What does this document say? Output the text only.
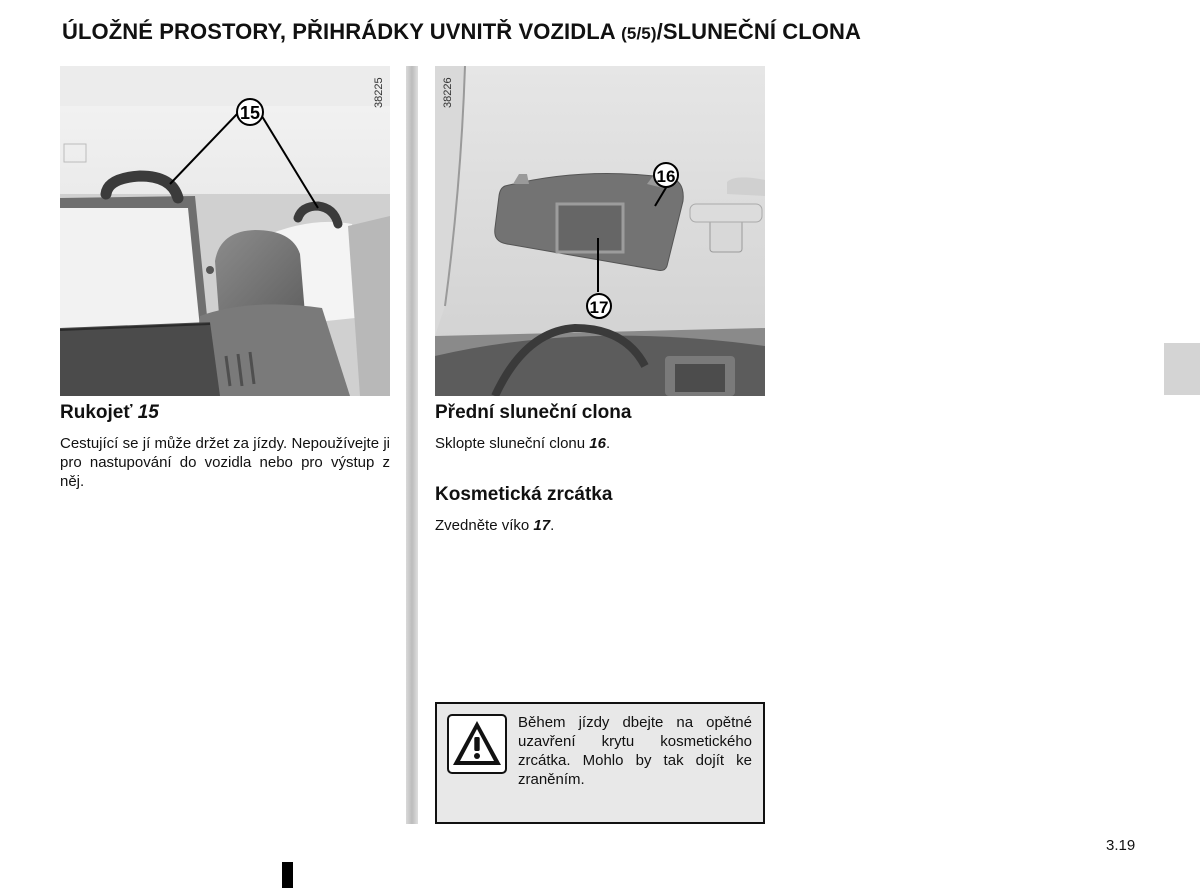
ÚLOŽNÉ PROSTORY, PŘIHRÁDKY UVNITŘ VOZIDLA (5/5)/SLUNEČNÍ CLONA
15
38225
16
17
38226
Rukojeť 15
Cestující se jí může držet za jízdy. Nepoužívejte ji pro nastupování do vozidla nebo pro výstup z něj.
Přední sluneční clona
Sklopte sluneční clonu 16.
Kosmetická zrcátka
Zvedněte víko 17.
Během jízdy dbejte na opětné uzavření krytu kosmetického zrcátka. Mohlo by tak dojít ke zraněním.
3.19
